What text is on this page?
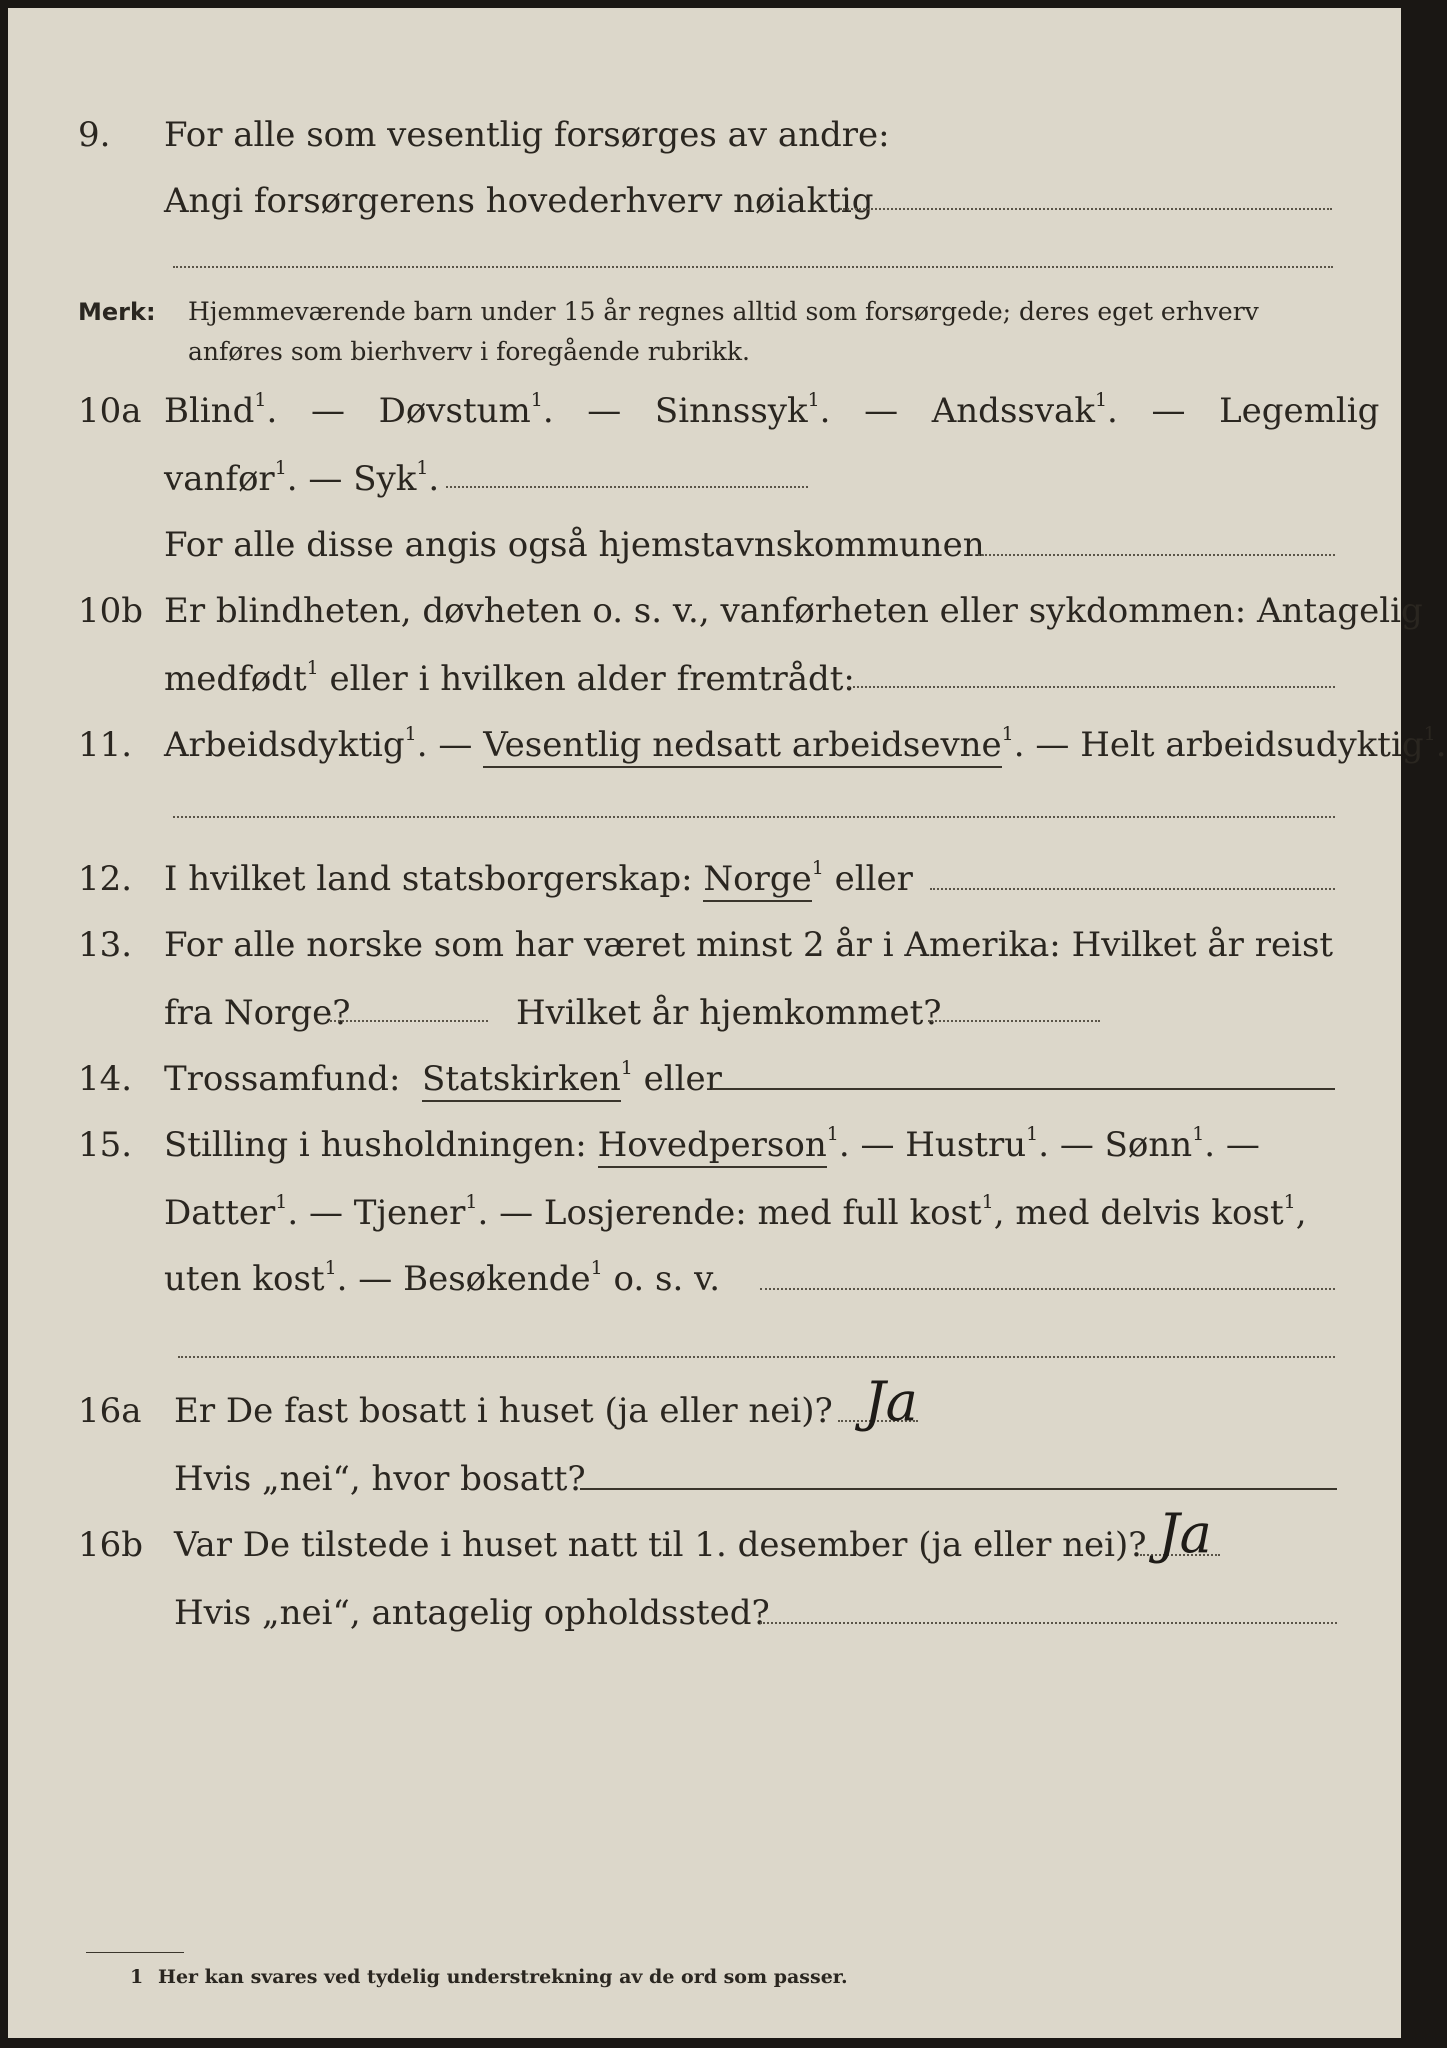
9. For alle som vesentlig forsørges av andre:
Angi forsørgerens hovederhverv nøiaktig
Merk: Hjemmeværende barn under 15 år regnes alltid som forsørgede; deres eget erhverv
anføres som bierhverv i foregående rubrikk.
10a Blind$^1$.  — Døvstum$^1$.  — Sinnssyk$^1$.  — Andssvak$^1$.  — Legemlig
vanfør$^1$. — Syk$^1$.
For alle disse angis også hjemstavnskommunen
10b Er blindheten, døvheten o. s. v., vanførheten eller sykdommen: Antagelig
medfødt$^1$ eller i hvilken alder fremtrådt:
11. Arbeidsdyktig$^1$. — Vesentlig nedsatt arbeidsevne$^1$. — Helt arbeidsudyktig$^1$.
12. I hvilket land statsborgerskap: Norge$^1$ eller
13. For alle norske som har været minst 2 år i Amerika: Hvilket år reist
fra Norge?	Hvilket år hjemkommet?
14. Trossamfund: Statskirken$^1$ eller
15. Stilling i husholdningen: Hovedperson$^1$. — Hustru$^1$. — Sønn$^1$. —
Datter$^1$. — Tjener$^1$. — Losjerende: med full kost$^1$, med delvis kost$^1$,
uten kost$^1$. — Besøkende$^1$ o. s. v.
16a Er De fast bosatt i huset (ja eller nei)? Ja
Hvis „nei“, hvor bosatt?
16b Var De tilstede i huset natt til 1. desember (ja eller nei)? Ja
Hvis „nei“, antagelig opholdssted?
1 Her kan svares ved tydelig understrekning av de ord som passer.
